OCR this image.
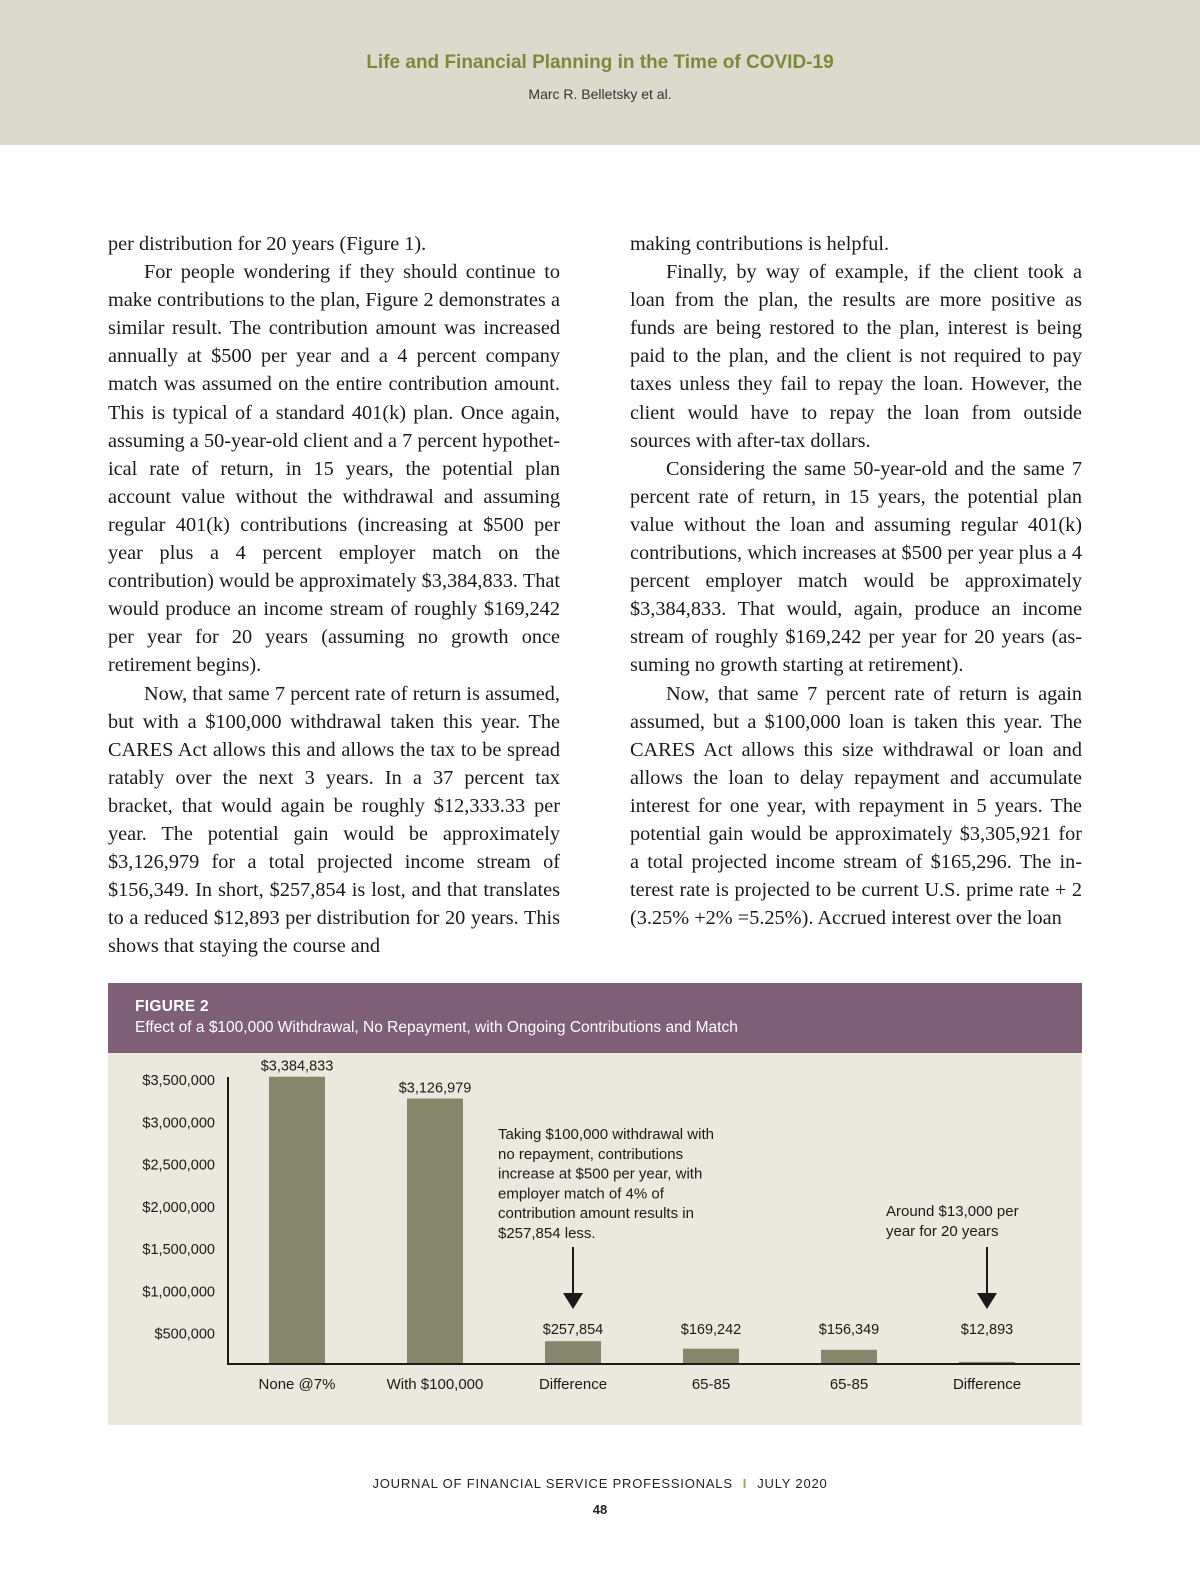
Life and Financial Planning in the Time of COVID-19
Marc R. Belletsky et al.

per distribution for 20 years (Figure 1).

For people wondering if they should continue to make contributions to the plan, Figure 2 demonstrates a similar result. The contribution amount was increased annually at $500 per year and a 4 percent company match was assumed on the entire contribution amount. This is typical of a standard 401(k) plan. Once again, assuming a 50-year-old client and a 7 percent hypothetical rate of return, in 15 years, the potential plan account value without the withdrawal and assuming regular 401(k) contributions (increasing at $500 per year plus a 4 percent employer match on the contribution) would be approximately $3,384,833. That would produce an income stream of roughly $169,242 per year for 20 years (assuming no growth once retirement begins).

Now, that same 7 percent rate of return is assumed, but with a $100,000 withdrawal taken this year. The CARES Act allows this and allows the tax to be spread ratably over the next 3 years. In a 37 percent tax bracket, that would again be roughly $12,333.33 per year. The potential gain would be approximately $3,126,979 for a total projected income stream of $156,349. In short, $257,854 is lost, and that translates to a reduced $12,893 per distribution for 20 years. This shows that staying the course and

making contributions is helpful.

Finally, by way of example, if the client took a loan from the plan, the results are more positive as funds are being restored to the plan, interest is being paid to the plan, and the client is not required to pay taxes unless they fail to repay the loan. However, the client would have to repay the loan from outside sources with after-tax dollars.

Considering the same 50-year-old and the same 7 percent rate of return, in 15 years, the potential plan value without the loan and assuming regular 401(k) contributions, which increases at $500 per year plus a 4 percent employer match would be approximately $3,384,833. That would, again, produce an income stream of roughly $169,242 per year for 20 years (assuming no growth starting at retirement).

Now, that same 7 percent rate of return is again assumed, but a $100,000 loan is taken this year. The CARES Act allows this size withdrawal or loan and allows the loan to delay repayment and accumulate interest for one year, with repayment in 5 years. The potential gain would be approximately $3,305,921 for a total projected income stream of $165,296. The interest rate is projected to be current U.S. prime rate + 2 (3.25% +2% =5.25%). Accrued interest over the loan

FIGURE 2
Effect of a $100,000 Withdrawal, No Repayment, with Ongoing Contributions and Match
$3,500,000
$3,000,000
$2,500,000
$2,000,000
$1,500,000
$1,000,000
$500,000
$3,384,833
None @7%
$3,126,979
With $100,000
$257,854
Difference
$169,242
65-85
$156,349
65-85
$12,893
Difference
Taking $100,000 withdrawal with no repayment, contributions increase at $500 per year, with employer match of 4% of contribution amount results in $257,854 less.
Around $13,000 per year for 20 years
JOURNAL OF FINANCIAL SERVICE PROFESSIONALS I JULY 2020
48
